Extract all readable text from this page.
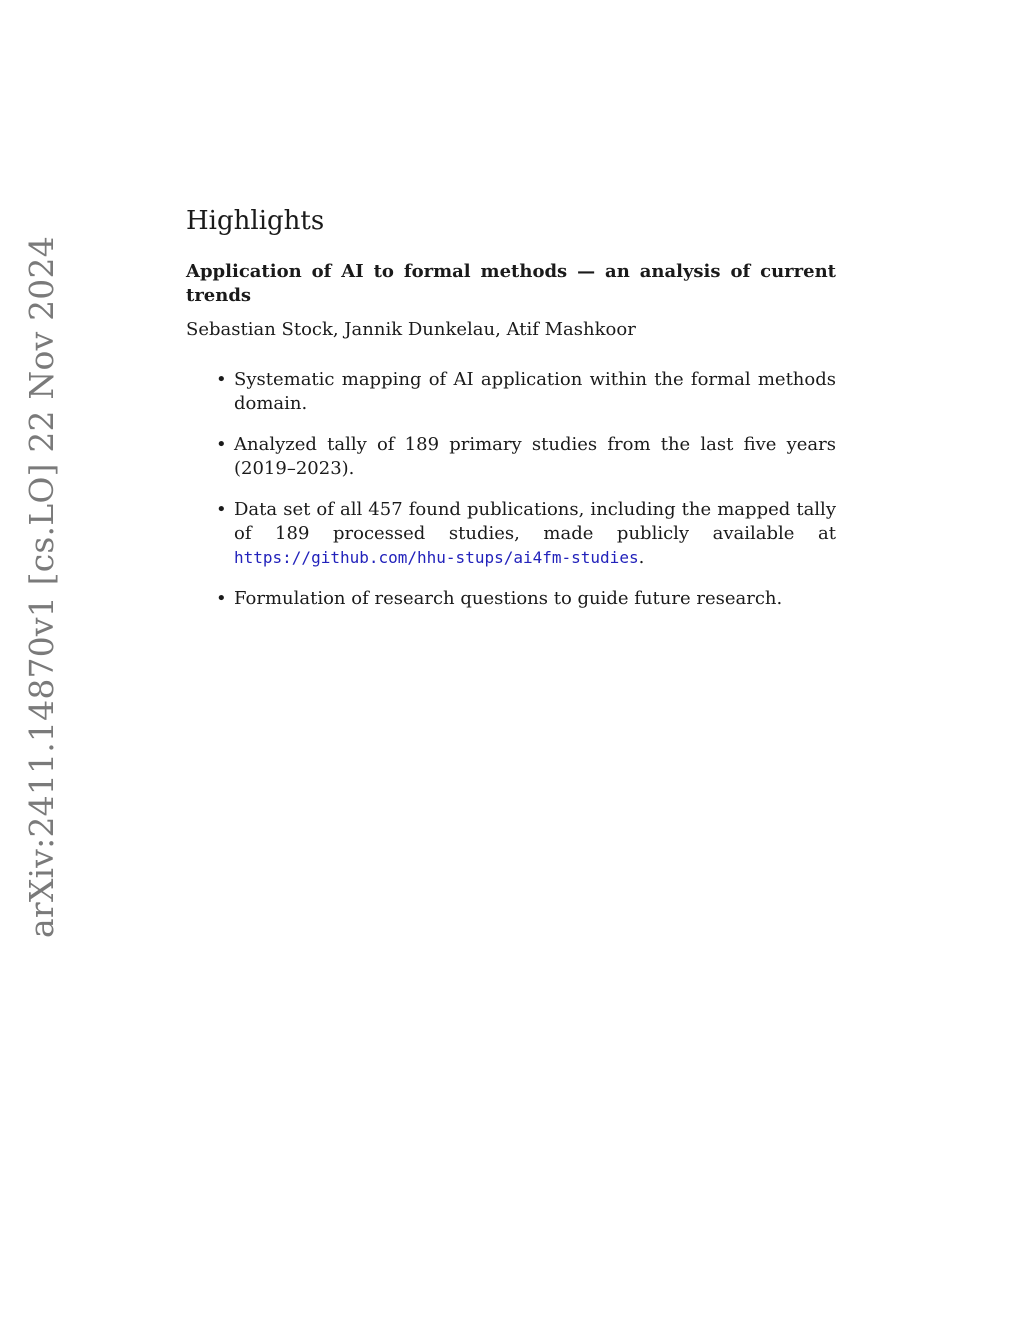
arXiv:2411.14870v1 [cs.LO] 22 Nov 2024
Highlights
Application of AI to formal methods — an analysis of current trends
Sebastian Stock, Jannik Dunkelau, Atif Mashkoor
• Systematic mapping of AI application within the formal methods domain.
• Analyzed tally of 189 primary studies from the last five years (2019–2023).
• Data set of all 457 found publications, including the mapped tally of 189 processed studies, made publicly available at https://github.com/hhu-stups/ai4fm-studies.
• Formulation of research questions to guide future research.
